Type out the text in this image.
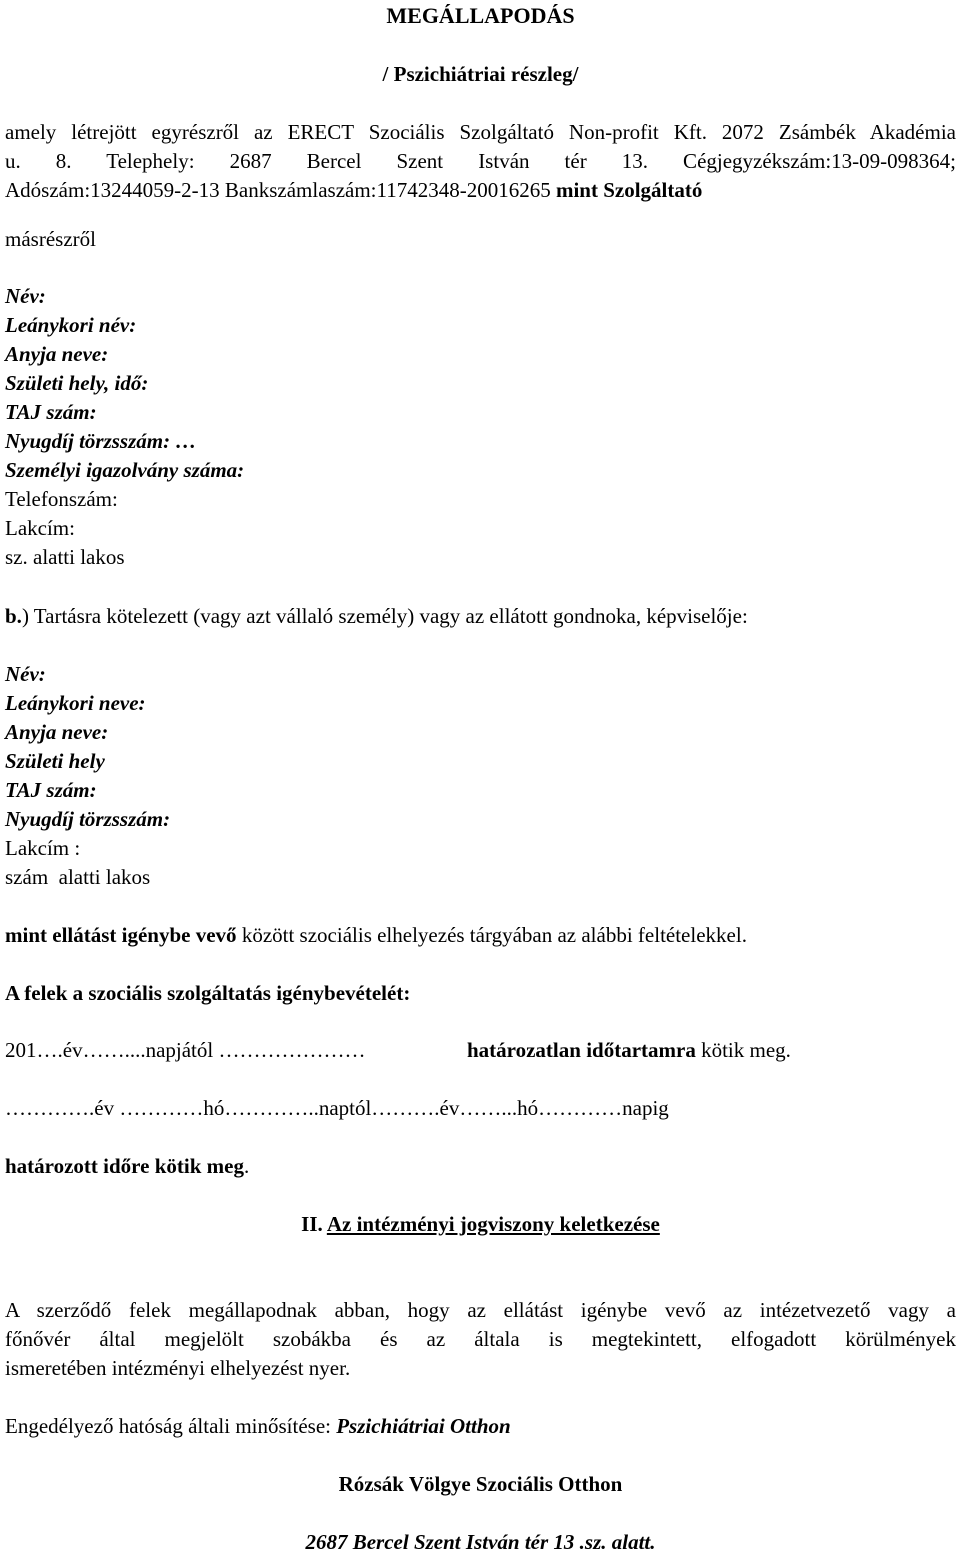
MEGÁLLAPODÁS

/ Pszichiátriai részleg/

amely létrejött egyrészről az ERECT Szociális Szolgáltató Non-profit Kft. 2072 Zsámbék Akadémia

u. 8. Telephely: 2687 Bercel Szent István tér 13. Cégjegyzékszám:13-09-098364;

Adószám:13244059-2-13 Bankszámlaszám:11742348-20016265 mint Szolgáltató

másrészről

Név:

Leánykori név:

Anyja neve:

Születi hely, idő:

TAJ szám:

Nyugdíj törzsszám: …

Személyi igazolvány száma:

Telefonszám:

Lakcím:

sz. alatti lakos

b.) Tartásra kötelezett (vagy azt vállaló személy) vagy az ellátott gondnoka, képviselője:

Név:

Leánykori neve:

Anyja neve:

Születi hely

TAJ szám:

Nyugdíj törzsszám:

Lakcím :

szám  alatti lakos

mint ellátást igénybe vevő között szociális elhelyezés tárgyában az alábbi feltételekkel.

A felek a szociális szolgáltatás igénybevételét:

201….év……....napjától …………………	határozatlan időtartamra kötik meg.

………….év …………hó…………..naptól……….év……...hó…………napig

határozott időre kötik meg.

II. Az intézményi jogviszony keletkezése

A szerződő felek megállapodnak abban, hogy az ellátást igénybe vevő az intézetvezető vagy a

főnővér által megjelölt szobákba és az általa is megtekintett, elfogadott körülmények

ismeretében intézményi elhelyezést nyer.

Engedélyező hatóság általi minősítése: Pszichiátriai Otthon

Rózsák Völgye Szociális Otthon

2687 Bercel Szent István tér 13 .sz. alatt.
